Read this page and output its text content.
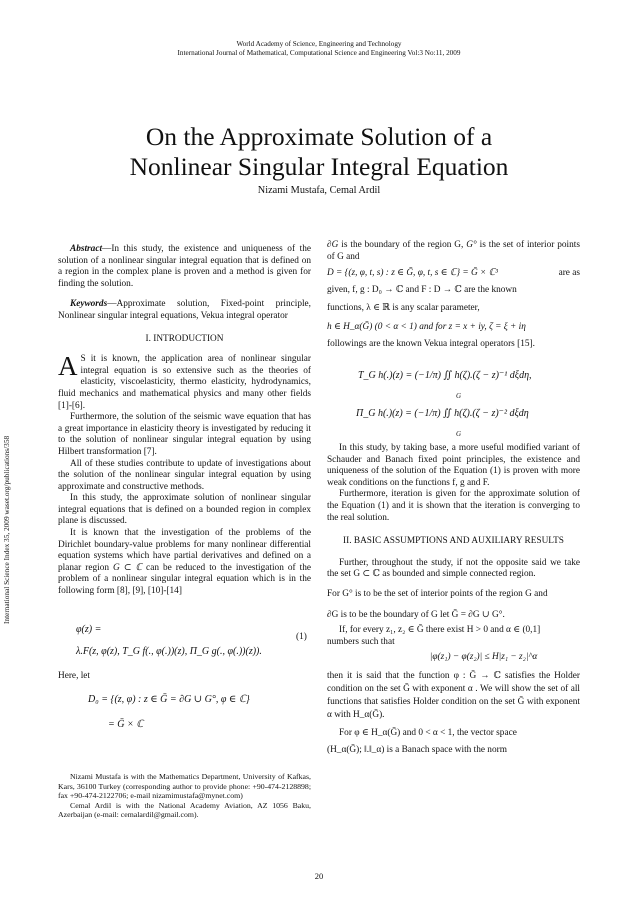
World Academy of Science, Engineering and Technology
International Journal of Mathematical, Computational Science and Engineering Vol:3 No:11, 2009
International Science Index 35, 2009 waset.org/publications/358
On the Approximate Solution of a
Nonlinear Singular Integral Equation
Nizami Mustafa, Cemal Ardil

Abstract—In this study, the existence and uniqueness of the solution of a nonlinear singular integral equation that is defined on a region in the complex plane is proven and a method is given for finding the solution.

Keywords—Approximate solution, Fixed-point principle, Nonlinear singular integral equations, Vekua integral operator

I. INTRODUCTION

A S it is known, the application area of nonlinear singular integral equation is so extensive such as the theories of elasticity, viscoelasticity, thermo elasticity, hydrodynamics, fluid mechanics and mathematical physics and many other fields [1]-[6].

Furthermore, the solution of the seismic wave equation that has a great importance in elasticity theory is investigated by reducing it to the solution of nonlinear singular integral equation by using Hilbert transformation [7].

All of these studies contribute to update of investigations about the solution of the nonlinear singular integral equation by using approximate and constructive methods.

In this study, the approximate solution of nonlinear singular integral equations that is defined on a bounded region in complex plane is discussed.

It is known that the investigation of the problems of the Dirichlet boundary-value problems for many nonlinear differential equation systems which have partial derivatives and defined on a planar region G ⊂ ℂ can be reduced to the investigation of the problem of a nonlinear singular integral equation which is in the following form [8], [9], [10]-[14]

φ(z) =
λ.F(z, φ(z), T_G f(., φ(.))(z), Π_G g(., φ(.))(z)).
(1)
Here, let
D₀ = {(z, φ) : z ∈ Ḡ = ∂G ∪ G°, φ ∈ ℂ}
= Ḡ × ℂ

Nizami Mustafa is with the Mathematics Department, University of Kafkas, Kars, 36100 Turkey (corresponding author to provide phone: +90-474-2128898; fax +90-474-2122706; e-mail nizamimustafa@mynet.com)

Cemal Ardil is with the National Academy Aviation, AZ 1056 Baku, Azerbaijan (e-mail: cemalardil@gmail.com).

∂G is the boundary of the region G, G° is the set of interior points of G and

D = {(z, φ, t, s) : z ∈ Ḡ, φ, t, s ∈ ℂ} = Ḡ × ℂ³	are as

given, f, g : D₀ → ℂ and F : D → ℂ are the known

functions, λ ∈ ℝ is any scalar parameter,

h ∈ H_α(Ḡ) (0 < α < 1) and for z = x + iy, ζ = ξ + iη

followings are the known Vekua integral operators [15].

T_G h(.)(z) = (−1/π) ∬ h(ζ).(ζ − z)⁻¹ dξdη,
G
Π_G h(.)(z) = (−1/π) ∬ h(ζ).(ζ − z)⁻² dξdη
G

In this study, by taking base, a more useful modified variant of Schauder and Banach fixed point principles, the existence and uniqueness of the solution of the Equation (1) is proven with more weak conditions on the functions f, g and F.

Furthermore, iteration is given for the approximate solution of the Equation (1) and it is shown that the iteration is converging to the real solution.

II. BASIC ASSUMPTIONS AND AUXILIARY RESULTS

Further, throughout the study, if not the opposite said we take the set G ⊂ ℂ as bounded and simple connected region.

For G° is to be the set of interior points of the region G and

∂G is to be the boundary of G let Ḡ = ∂G ∪ G°.

If, for every z₁, z₂ ∈ Ḡ there exist H > 0 and α ∈ (0,1]

numbers such that

|φ(z₁) − φ(z₂)| ≤ H|z₁ − z₂|^α

then it is said that the function φ : Ḡ → ℂ satisfies the Holder condition on the set Ḡ with exponent α . We will show the set of all functions that satisfies Holder condition on the set Ḡ with exponent α with H_α(Ḡ).

For φ ∈ H_α(Ḡ) and 0 < α < 1, the vector space

(H_α(Ḡ); ‖.‖_α) is a Banach space with the norm

20
